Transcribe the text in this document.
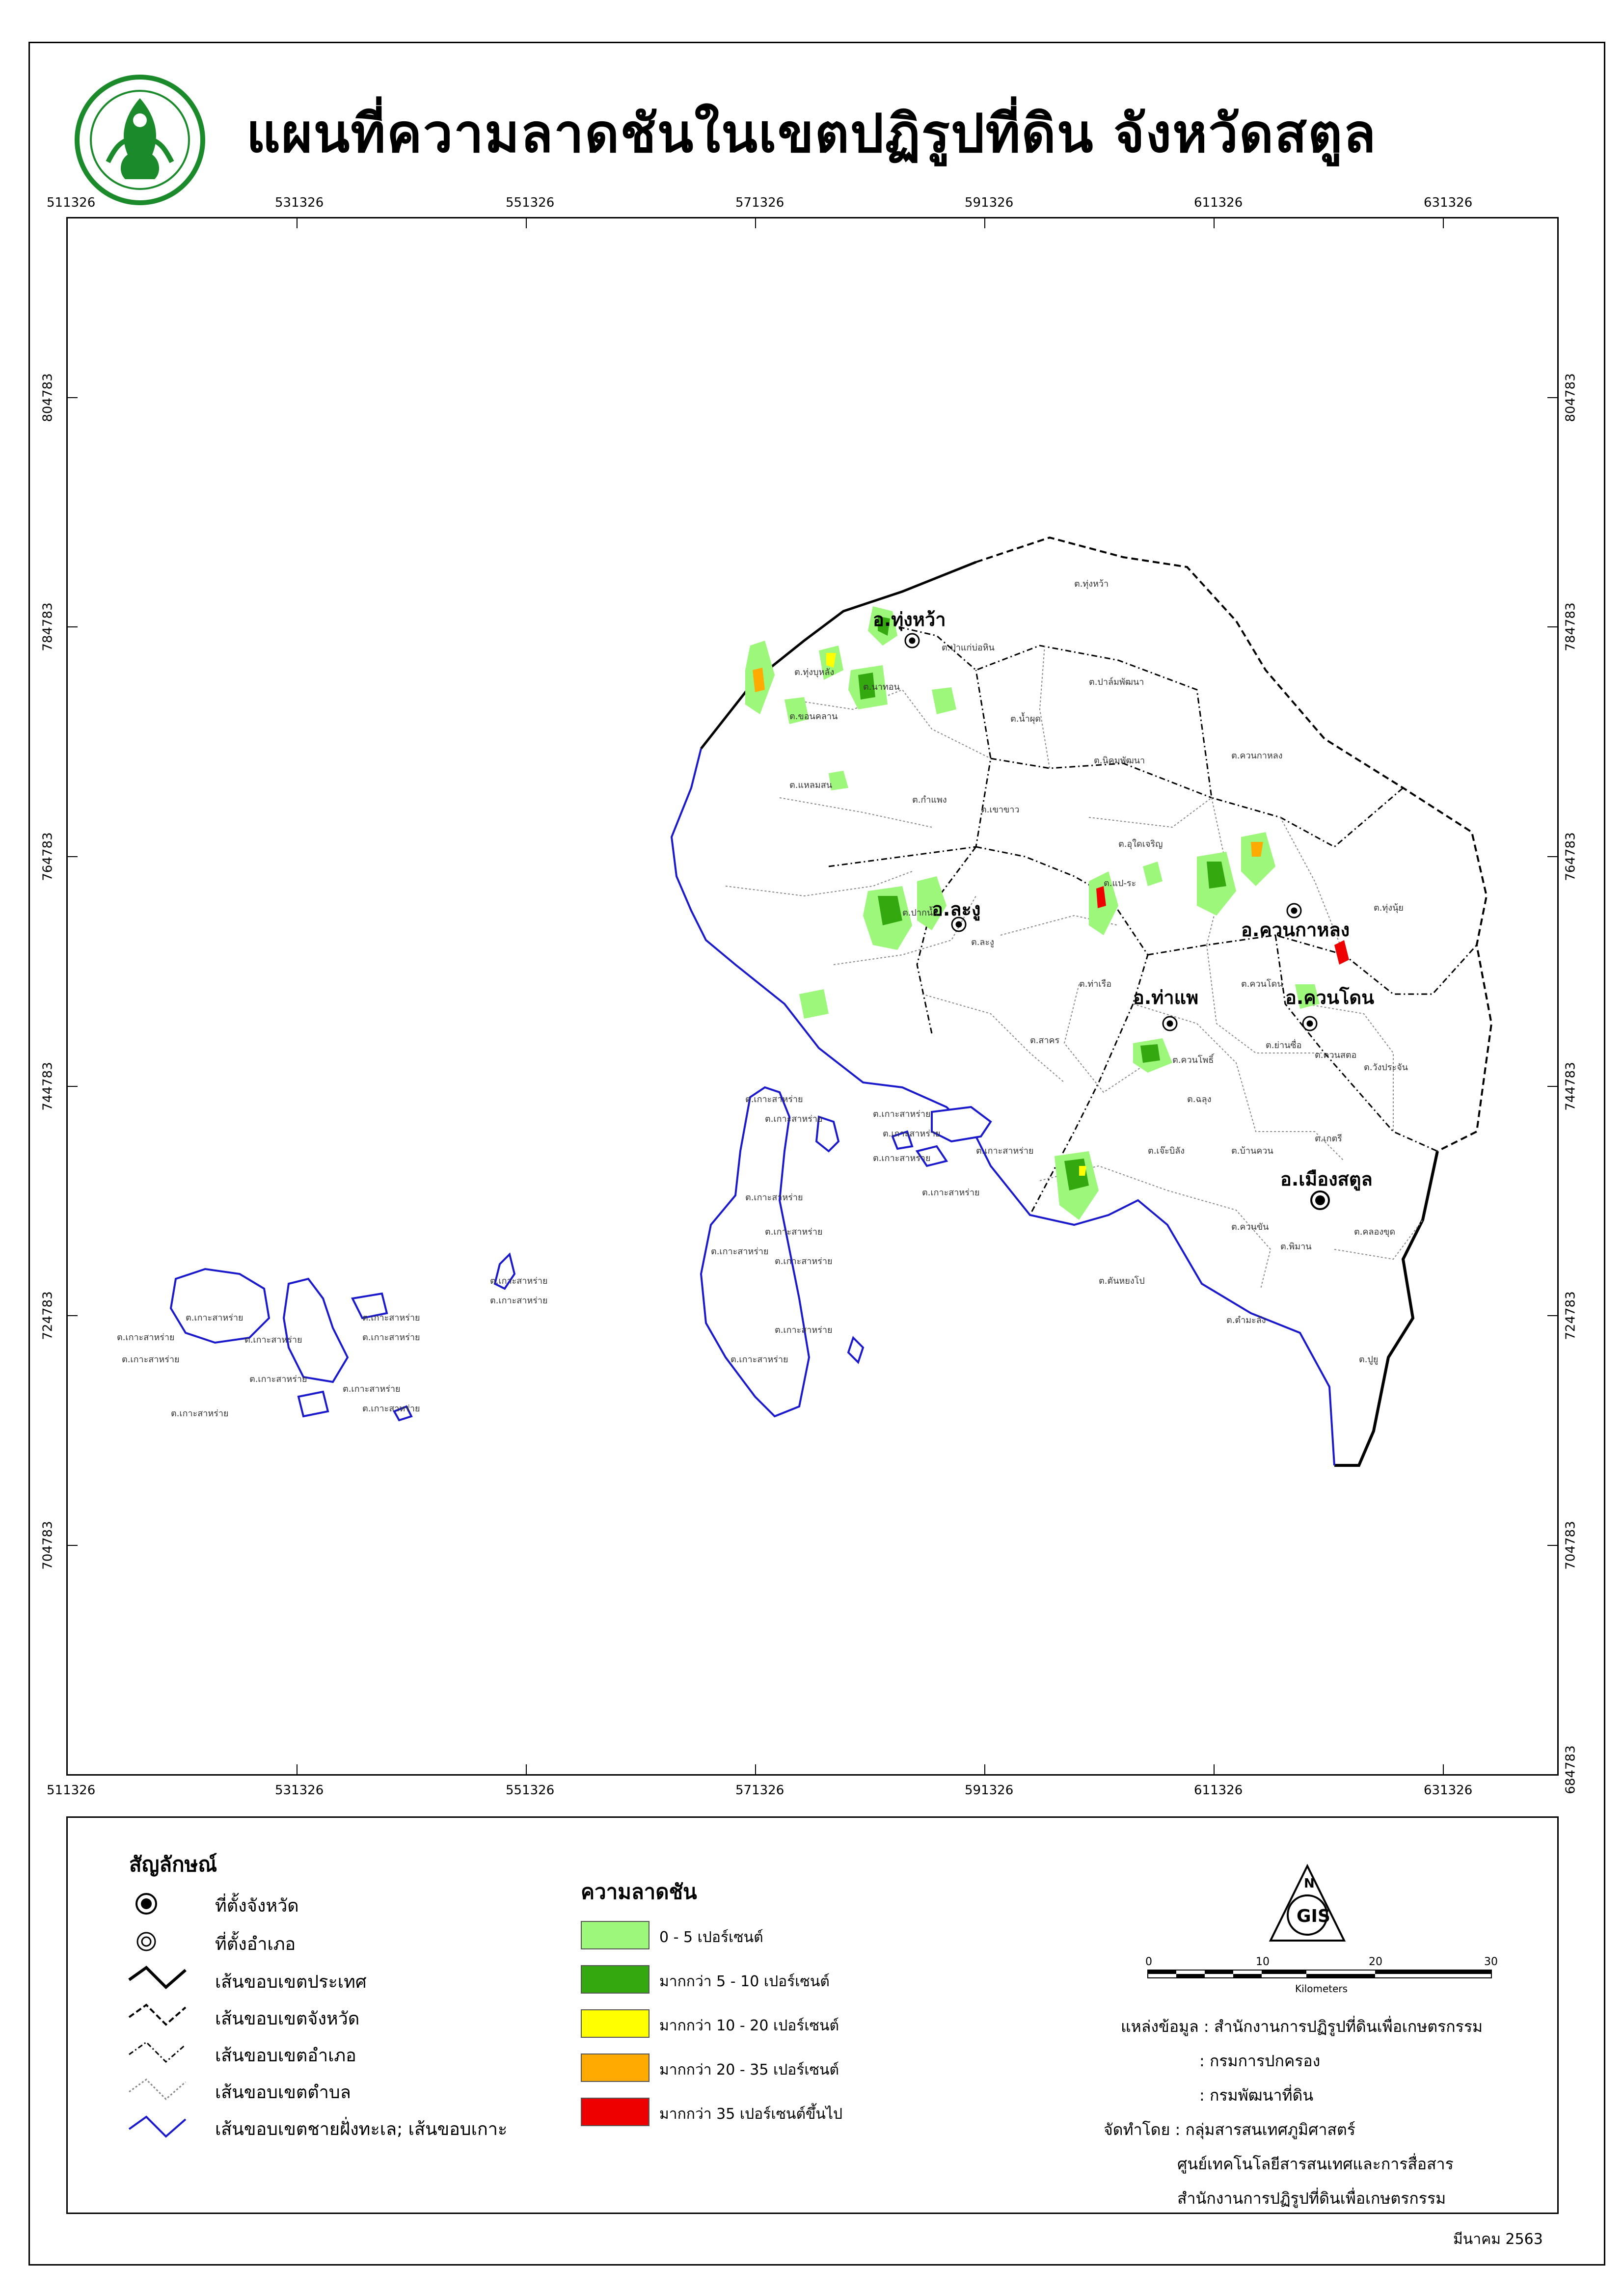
แผนที่ความลาดชันในเขตปฏิรูปที่ดิน จังหวัดสตูล
511326	531326	551326	571326	591326	611326	631326
511326	531326	551326	571326	591326	611326	631326
804783
784783
764783
744783
724783
704783
804783
784783
764783
744783
724783
704783
684783
อ.ทุ่งหว้า
อ.ละงู
อ.ควนกาหลง
อ.ท่าแพ	อ.ควนโดน
อ.เมืองสตูล
ต.ทุ่งหว้า
ต.ทุ่งบุหลัง
ต.นาทอน
ต.ป่าแก่บ่อหิน
ต.ขอนคลาน	ต.น้ำผุด
ต.ปาล์มพัฒนา
ต.นิคมพัฒนา
ต.แหลมสน
ต.กำแพง
ต.เขาขาว
ต.ควนกาหลง
ต.อุใดเจริญ
ต.ปากน้ำ
ต.ละงู
ต.แป-ระ
ต.ทุ่งนุ้ย
ต.ท่าเรือ	ต.ควนโดน
ต.ย่านซื่อ
ต.สาคร
ต.ควนโพธิ์	ต.ควนสตอ
ต.วังประจัน
ต.ฉลุง
ต.เจ๊ะบิลัง	ต.บ้านควน
ต.เกตรี
ต.ควนขัน
ต.พิมาน
ต.คลองขุด
ต.ตันหยงโป
ต.ตำมะลัง
ต.ปูยู
ต.เกาะสาหร่าย
ต.เกาะสาหร่าย
ต.เกาะสาหร่าย
ต.เกาะสาหร่าย
ต.เกาะสาหร่าย
ต.เกาะสาหร่าย
ต.เกาะสาหร่าย
ต.เกาะสาหร่าย
ต.เกาะสาหร่าย
ต.เกาะสาหร่าย
ต.เกาะสาหร่าย
ต.เกาะสาหร่าย
ต.เกาะสาหร่าย
ต.เกาะสาหร่าย
ต.เกาะสาหร่าย
ต.เกาะสาหร่าย
ต.เกาะสาหร่าย
ต.เกาะสาหร่าย
ต.เกาะสาหร่าย
ต.เกาะสาหร่าย
ต.เกาะสาหร่าย
ต.เกาะสาหร่าย	ต.เกาะสาหร่าย
ต.เกาะสาหร่าย
ต.เกาะสาหร่าย
สัญลักษณ์
ที่ตั้งจังหวัด
ที่ตั้งอำเภอ
เส้นขอบเขตประเทศ
เส้นขอบเขตจังหวัด
เส้นขอบเขตอำเภอ
เส้นขอบเขตตำบล
เส้นขอบเขตชายฝั่งทะเล; เส้นขอบเกาะ
ความลาดชัน
0 - 5 เปอร์เซนต์
มากกว่า 5 - 10 เปอร์เซนต์
มากกว่า 10 - 20 เปอร์เซนต์
มากกว่า 20 - 35 เปอร์เซนต์
มากกว่า 35 เปอร์เซนต์ขึ้นไป
N
GIS
0	10	20	30
Kilometers
แหล่งข้อมูล : สำนักงานการปฏิรูปที่ดินเพื่อเกษตรกรรม
: กรมการปกครอง
: กรมพัฒนาที่ดิน
จัดทำโดย : กลุ่มสารสนเทศภูมิศาสตร์
ศูนย์เทคโนโลยีสารสนเทศและการสื่อสาร
สำนักงานการปฏิรูปที่ดินเพื่อเกษตรกรรม
มีนาคม 2563
